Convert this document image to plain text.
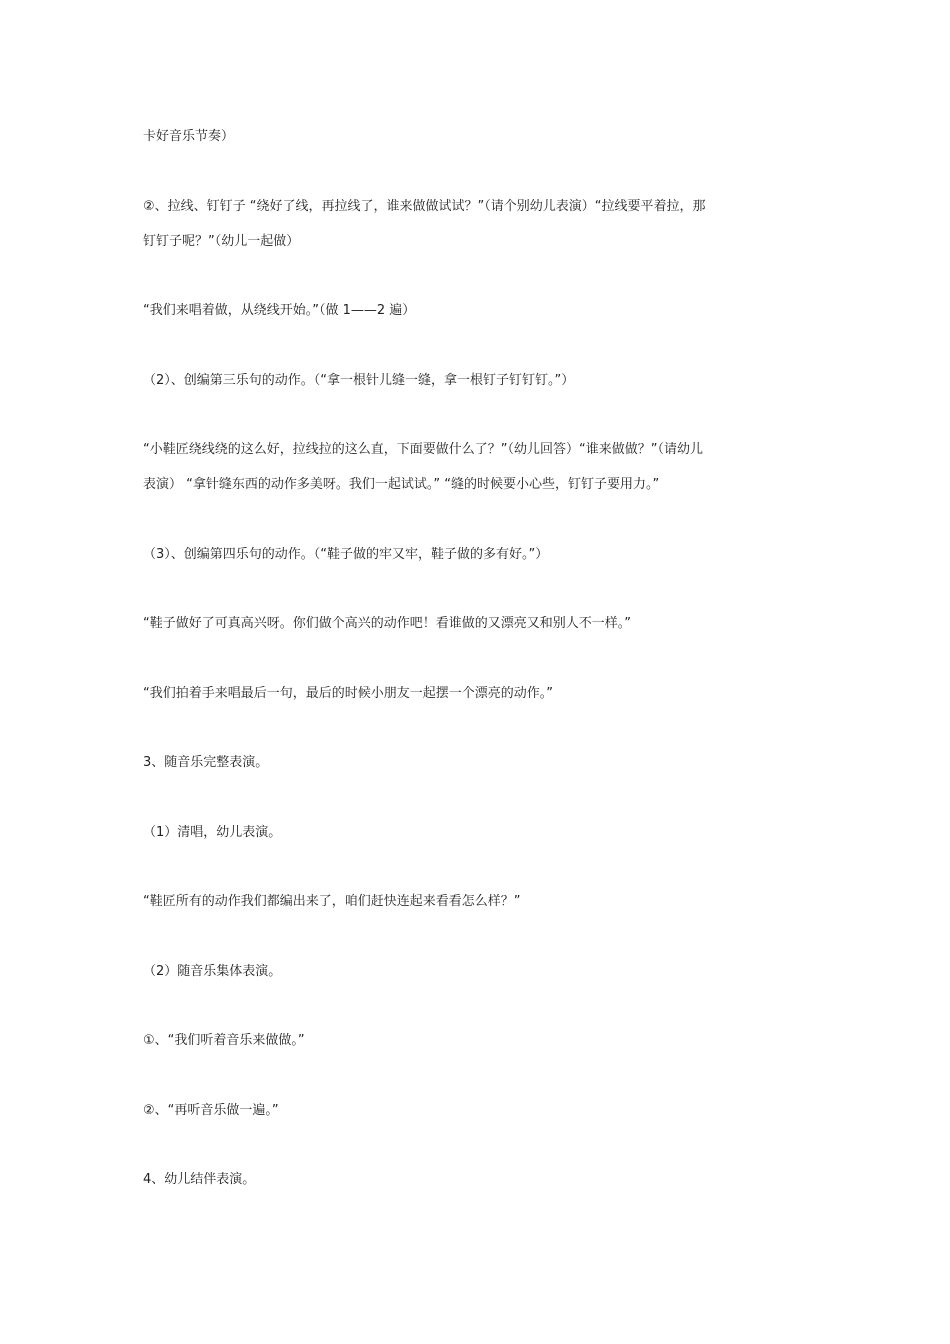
卡好音乐节奏）
②、拉线、钉钉子 “绕好了线，再拉线了，谁来做做试试？”（请个别幼儿表演）“拉线要平着拉，那
钉钉子呢？”（幼儿一起做）
“我们来唱着做，从绕线开始。”（做 1——2 遍）
（2）、创编第三乐句的动作。（“拿一根针儿缝一缝，拿一根钉子钉钉钉。”）
“小鞋匠绕线绕的这么好，拉线拉的这么直，下面要做什么了？”（幼儿回答）“谁来做做？”（请幼儿
表演） “拿针缝东西的动作多美呀。我们一起试试。” “缝的时候要小心些，钉钉子要用力。”
（3）、创编第四乐句的动作。（“鞋子做的牢又牢，鞋子做的多有好。”）
“鞋子做好了可真高兴呀。你们做个高兴的动作吧！看谁做的又漂亮又和别人不一样。”
“我们拍着手来唱最后一句，最后的时候小朋友一起摆一个漂亮的动作。”
3、随音乐完整表演。
（1）清唱，幼儿表演。
“鞋匠所有的动作我们都编出来了，咱们赶快连起来看看怎么样？”
（2）随音乐集体表演。
①、“我们听着音乐来做做。”
②、“再听音乐做一遍。”
4、幼儿结伴表演。
